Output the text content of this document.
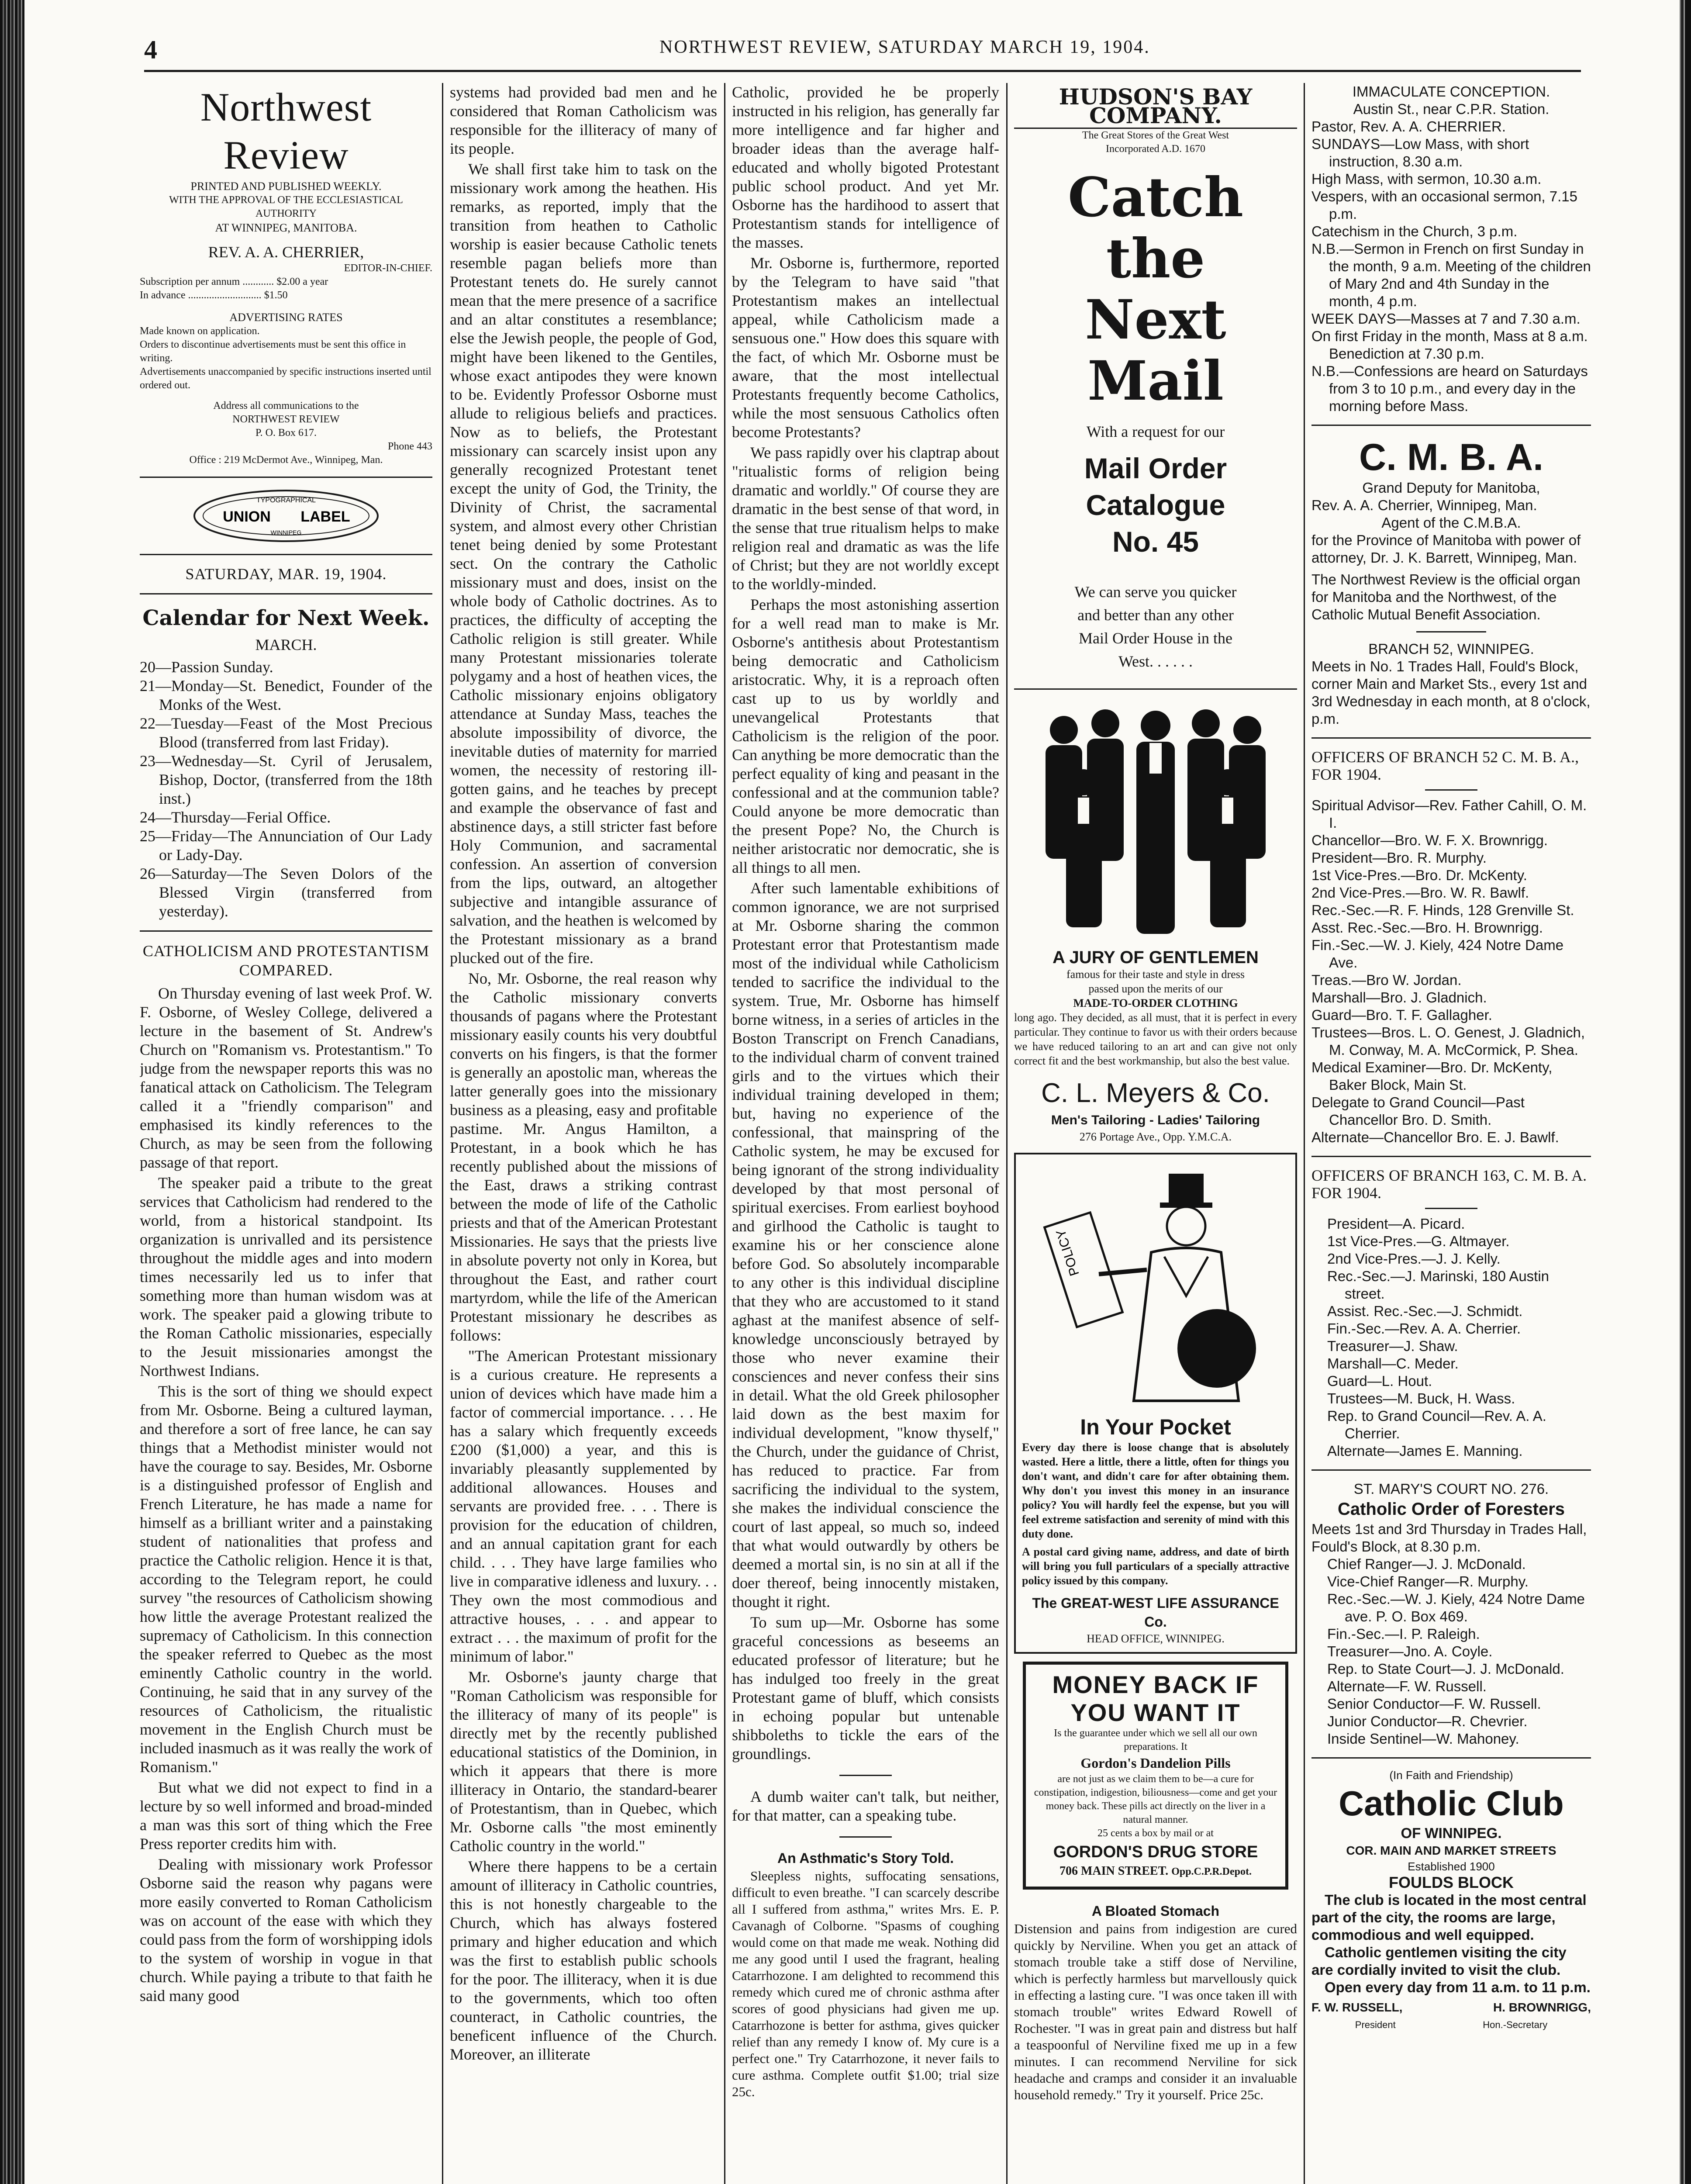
4	NORTHWEST REVIEW, SATURDAY MARCH 19, 1904.
Northwest Review
PRINTED AND PUBLISHED WEEKLY.
WITH THE APPROVAL OF THE ECCLESIASTICAL AUTHORITY
AT WINNIPEG, MANITOBA.
REV. A. A. CHERRIER,
EDITOR-IN-CHIEF.
Subscription per annum ............ $2.00 a year
In advance ............................ $1.50
ADVERTISING RATES
Made known on application.
Orders to discontinue advertisements must be sent this office in writing.
Advertisements unaccompanied by specific instructions inserted until ordered out.
Address all communications to the
NORTHWEST REVIEW
P. O. Box 617.
Phone 443
Office : 219 McDermot Ave., Winnipeg, Man.
TYPOGRAPHICAL
UNION LABEL
WINNIPEG
SATURDAY, MAR. 19, 1904.
Calendar for Next Week.
MARCH.
20—Passion Sunday.
21—Monday—St. Benedict, Founder of the Monks of the West.
22—Tuesday—Feast of the Most Precious Blood (transferred from last Friday).
23—Wednesday—St. Cyril of Jerusalem, Bishop, Doctor, (transferred from the 18th inst.)
24—Thursday—Ferial Office.
25—Friday—The Annunciation of Our Lady or Lady-Day.
26—Saturday—The Seven Dolors of the Blessed Virgin (transferred from yesterday).
CATHOLICISM AND PROTESTANTISM COMPARED.

On Thursday evening of last week Prof. W. F. Osborne, of Wesley College, delivered a lecture in the basement of St. Andrew's Church on "Romanism vs. Protestantism." To judge from the newspaper reports this was no fanatical attack on Catholicism. The Telegram called it a "friendly comparison" and emphasised its kindly references to the Church, as may be seen from the following passage of that report.

The speaker paid a tribute to the great services that Catholicism had rendered to the world, from a historical standpoint. Its organization is unrivalled and its persistence throughout the middle ages and into modern times necessarily led us to infer that something more than human wisdom was at work. The speaker paid a glowing tribute to the Roman Catholic missionaries, especially to the Jesuit missionaries amongst the Northwest Indians.

This is the sort of thing we should expect from Mr. Osborne. Being a cultured layman, and therefore a sort of free lance, he can say things that a Methodist minister would not have the courage to say. Besides, Mr. Osborne is a distinguished professor of English and French Literature, he has made a name for himself as a brilliant writer and a painstaking student of nationalities that profess and practice the Catholic religion. Hence it is that, according to the Telegram report, he could survey "the resources of Catholicism showing how little the average Protestant realized the supremacy of Catholicism. In this connection the speaker referred to Quebec as the most eminently Catholic country in the world. Continuing, he said that in any survey of the resources of Catholicism, the ritualistic movement in the English Church must be included inasmuch as it was really the work of Romanism."

But what we did not expect to find in a lecture by so well informed and broad-minded a man was this sort of thing which the Free Press reporter credits him with.

Dealing with missionary work Professor Osborne said the reason why pagans were more easily converted to Roman Catholicism was on account of the ease with which they could pass from the form of worshipping idols to the system of worship in vogue in that church. While paying a tribute to that faith he said many good

systems had provided bad men and he considered that Roman Catholicism was responsible for the illiteracy of many of its people.

We shall first take him to task on the missionary work among the heathen. His remarks, as reported, imply that the transition from heathen to Catholic worship is easier because Catholic tenets resemble pagan beliefs more than Protestant tenets do. He surely cannot mean that the mere presence of a sacrifice and an altar constitutes a resemblance; else the Jewish people, the people of God, might have been likened to the Gentiles, whose exact antipodes they were known to be. Evidently Professor Osborne must allude to religious beliefs and practices. Now as to beliefs, the Protestant missionary can scarcely insist upon any generally recognized Protestant tenet except the unity of God, the Trinity, the Divinity of Christ, the sacramental system, and almost every other Christian tenet being denied by some Protestant sect. On the contrary the Catholic missionary must and does, insist on the whole body of Catholic doctrines. As to practices, the difficulty of accepting the Catholic religion is still greater. While many Protestant missionaries tolerate polygamy and a host of heathen vices, the Catholic missionary enjoins obligatory attendance at Sunday Mass, teaches the absolute impossibility of divorce, the inevitable duties of maternity for married women, the necessity of restoring ill-gotten gains, and he teaches by precept and example the observance of fast and abstinence days, a still stricter fast before Holy Communion, and sacramental confession. An assertion of conversion from the lips, outward, an altogether subjective and intangible assurance of salvation, and the heathen is welcomed by the Protestant missionary as a brand plucked out of the fire.

No, Mr. Osborne, the real reason why the Catholic missionary converts thousands of pagans where the Protestant missionary easily counts his very doubtful converts on his fingers, is that the former is generally an apostolic man, whereas the latter generally goes into the missionary business as a pleasing, easy and profitable pastime. Mr. Angus Hamilton, a Protestant, in a book which he has recently published about the missions of the East, draws a striking contrast between the mode of life of the Catholic priests and that of the American Protestant Missionaries. He says that the priests live in absolute poverty not only in Korea, but throughout the East, and rather court martyrdom, while the life of the American Protestant missionary he describes as follows:

"The American Protestant missionary is a curious creature. He represents a union of devices which have made him a factor of commercial importance. . . . He has a salary which frequently exceeds £200 ($1,000) a year, and this is invariably pleasantly supplemented by additional allowances. Houses and servants are provided free. . . . There is provision for the education of children, and an annual capitation grant for each child. . . . They have large families who live in comparative idleness and luxury. . . They own the most commodious and attractive houses, . . . and appear to extract . . . the maximum of profit for the minimum of labor."

Mr. Osborne's jaunty charge that "Roman Catholicism was responsible for the illiteracy of many of its people" is directly met by the recently published educational statistics of the Dominion, in which it appears that there is more illiteracy in Ontario, the standard-bearer of Protestantism, than in Quebec, which Mr. Osborne calls "the most eminently Catholic country in the world."

Where there happens to be a certain amount of illiteracy in Catholic countries, this is not honestly chargeable to the Church, which has always fostered primary and higher education and which was the first to establish public schools for the poor. The illiteracy, when it is due to the governments, which too often counteract, in Catholic countries, the beneficent influence of the Church. Moreover, an illiterate

Catholic, provided he be properly instructed in his religion, has generally far more intelligence and far higher and broader ideas than the average half-educated and wholly bigoted Protestant public school product. And yet Mr. Osborne has the hardihood to assert that Protestantism stands for intelligence of the masses.

Mr. Osborne is, furthermore, reported by the Telegram to have said "that Protestantism makes an intellectual appeal, while Catholicism made a sensuous one." How does this square with the fact, of which Mr. Osborne must be aware, that the most intellectual Protestants frequently become Catholics, while the most sensuous Catholics often become Protestants?

We pass rapidly over his claptrap about "ritualistic forms of religion being dramatic and worldly." Of course they are dramatic in the best sense of that word, in the sense that true ritualism helps to make religion real and dramatic as was the life of Christ; but they are not worldly except to the worldly-minded.

Perhaps the most astonishing assertion for a well read man to make is Mr. Osborne's antithesis about Protestantism being democratic and Catholicism aristocratic. Why, it is a reproach often cast up to us by worldly and unevangelical Protestants that Catholicism is the religion of the poor. Can anything be more democratic than the perfect equality of king and peasant in the confessional and at the communion table? Could anyone be more democratic than the present Pope? No, the Church is neither aristocratic nor democratic, she is all things to all men.

After such lamentable exhibitions of common ignorance, we are not surprised at Mr. Osborne sharing the common Protestant error that Protestantism made most of the individual while Catholicism tended to sacrifice the individual to the system. True, Mr. Osborne has himself borne witness, in a series of articles in the Boston Transcript on French Canadians, to the individual charm of convent trained girls and to the virtues which their individual training developed in them; but, having no experience of the confessional, that mainspring of the Catholic system, he may be excused for being ignorant of the strong individuality developed by that most personal of spiritual exercises. From earliest boyhood and girlhood the Catholic is taught to examine his or her conscience alone before God. So absolutely incomparable to any other is this individual discipline that they who are accustomed to it stand aghast at the manifest absence of self-knowledge unconsciously betrayed by those who never examine their consciences and never confess their sins in detail. What the old Greek philosopher laid down as the best maxim for individual development, "know thyself," the Church, under the guidance of Christ, has reduced to practice. Far from sacrificing the individual to the system, she makes the individual conscience the court of last appeal, so much so, indeed that what would outwardly by others be deemed a mortal sin, is no sin at all if the doer thereof, being innocently mistaken, thought it right.

To sum up—Mr. Osborne has some graceful concessions as beseems an educated professor of literature; but he has indulged too freely in the great Protestant game of bluff, which consists in echoing popular but untenable shibboleths to tickle the ears of the groundlings.

A dumb waiter can't talk, but neither, for that matter, can a speaking tube.

An Asthmatic's Story Told.

Sleepless nights, suffocating sensations, difficult to even breathe. "I can scarcely describe all I suffered from asthma," writes Mrs. E. P. Cavanagh of Colborne. "Spasms of coughing would come on that made me weak. Nothing did me any good until I used the fragrant, healing Catarrhozone. I am delighted to recommend this remedy which cured me of chronic asthma after scores of good physicians had given me up. Catarrhozone is better for asthma, gives quicker relief than any remedy I know of. My cure is a perfect one." Try Catarrhozone, it never fails to cure asthma. Complete outfit $1.00; trial size 25c.

HUDSON'S BAY COMPANY.
The Great Stores of the Great West
Incorporated A.D. 1670
Catch the
Next Mail
With a request for our
Mail Order Catalogue
No. 45
We can serve you quicker
and better than any other
Mail Order House in the
West. . . . . .
A JURY OF GENTLEMEN
famous for their taste and style in dress
passed upon the merits of our
MADE-TO-ORDER CLOTHING
long ago. They decided, as all must, that it is perfect in every particular. They continue to favor us with their orders because we have reduced tailoring to an art and can give not only correct fit and the best workmanship, but also the best value.
C. L. Meyers & Co.
Men's Tailoring - Ladies' Tailoring
276 Portage Ave., Opp. Y.M.C.A.
POLICY
In Your Pocket
Every day there is loose change that is absolutely wasted. Here a little, there a little, often for things you don't want, and didn't care for after obtaining them. Why don't you invest this money in an insurance policy? You will hardly feel the expense, but you will feel extreme satisfaction and serenity of mind with this duty done.
A postal card giving name, address, and date of birth will bring you full particulars of a specially attractive policy issued by this company.
The GREAT-WEST LIFE ASSURANCE Co.
HEAD OFFICE, WINNIPEG.
MONEY BACK IF
YOU WANT IT
Is the guarantee under which we sell all our own preparations. It
Gordon's Dandelion Pills
are not just as we claim them to be—a cure for constipation, indigestion, biliousness—come and get your money back. These pills act directly on the liver in a natural manner.
25 cents a box by mail or at
GORDON'S DRUG STORE
706 MAIN STREET. Opp.C.P.R.Depot.
A Bloated Stomach
Distension and pains from indigestion are cured quickly by Nerviline. When you get an attack of stomach trouble take a stiff dose of Nerviline, which is perfectly harmless but marvellously quick in effecting a lasting cure. "I was once taken ill with stomach trouble" writes Edward Rowell of Rochester. "I was in great pain and distress but half a teaspoonful of Nerviline fixed me up in a few minutes. I can recommend Nerviline for sick headache and cramps and consider it an invaluable household remedy." Try it yourself. Price 25c.
IMMACULATE CONCEPTION.
Austin St., near C.P.R. Station.
Pastor, Rev. A. A. CHERRIER.
SUNDAYS—Low Mass, with short instruction, 8.30 a.m.
High Mass, with sermon, 10.30 a.m.
Vespers, with an occasional sermon, 7.15 p.m.
Catechism in the Church, 3 p.m.
N.B.—Sermon in French on first Sunday in the month, 9 a.m. Meeting of the children of Mary 2nd and 4th Sunday in the month, 4 p.m.
WEEK DAYS—Masses at 7 and 7.30 a.m.
On first Friday in the month, Mass at 8 a.m. Benediction at 7.30 p.m.
N.B.—Confessions are heard on Saturdays from 3 to 10 p.m., and every day in the morning before Mass.
C. M. B. A.
Grand Deputy for Manitoba,
Rev. A. A. Cherrier, Winnipeg, Man.
Agent of the C.M.B.A.
for the Province of Manitoba with power of attorney, Dr. J. K. Barrett, Winnipeg, Man.
The Northwest Review is the official organ for Manitoba and the Northwest, of the Catholic Mutual Benefit Association.
BRANCH 52, WINNIPEG.
Meets in No. 1 Trades Hall, Fould's Block, corner Main and Market Sts., every 1st and 3rd Wednesday in each month, at 8 o'clock, p.m.
OFFICERS OF BRANCH 52 C. M. B. A., FOR 1904.
Spiritual Advisor—Rev. Father Cahill, O. M. I.
Chancellor—Bro. W. F. X. Brownrigg.
President—Bro. R. Murphy.
1st Vice-Pres.—Bro. Dr. McKenty.
2nd Vice-Pres.—Bro. W. R. Bawlf.
Rec.-Sec.—R. F. Hinds, 128 Grenville St.
Asst. Rec.-Sec.—Bro. H. Brownrigg.
Fin.-Sec.—W. J. Kiely, 424 Notre Dame Ave.
Treas.—Bro W. Jordan.
Marshall—Bro. J. Gladnich.
Guard—Bro. T. F. Gallagher.
Trustees—Bros. L. O. Genest, J. Gladnich, M. Conway, M. A. McCormick, P. Shea.
Medical Examiner—Bro. Dr. McKenty, Baker Block, Main St.
Delegate to Grand Council—Past Chancellor Bro. D. Smith.
Alternate—Chancellor Bro. E. J. Bawlf.
OFFICERS OF BRANCH 163, C. M. B. A. FOR 1904.
President—A. Picard.
1st Vice-Pres.—G. Altmayer.
2nd Vice-Pres.—J. J. Kelly.
Rec.-Sec.—J. Marinski, 180 Austin street.
Assist. Rec.-Sec.—J. Schmidt.
Fin.-Sec.—Rev. A. A. Cherrier.
Treasurer—J. Shaw.
Marshall—C. Meder.
Guard—L. Hout.
Trustees—M. Buck, H. Wass.
Rep. to Grand Council—Rev. A. A. Cherrier.
Alternate—James E. Manning.
ST. MARY'S COURT NO. 276.
Catholic Order of Foresters
Meets 1st and 3rd Thursday in Trades Hall, Fould's Block, at 8.30 p.m.
Chief Ranger—J. J. McDonald.
Vice-Chief Ranger—R. Murphy.
Rec.-Sec.—W. J. Kiely, 424 Notre Dame ave. P. O. Box 469.
Fin.-Sec.—I. P. Raleigh.
Treasurer—Jno. A. Coyle.
Rep. to State Court—J. J. McDonald.
Alternate—F. W. Russell.
Senior Conductor—F. W. Russell.
Junior Conductor—R. Chevrier.
Inside Sentinel—W. Mahoney.
(In Faith and Friendship)
Catholic Club
OF WINNIPEG.
COR. MAIN AND MARKET STREETS
Established 1900
FOULDS BLOCK
The club is located in the most central part of the city, the rooms are large, commodious and well equipped.
Catholic gentlemen visiting the city are cordially invited to visit the club.
Open every day from 11 a.m. to 11 p.m.
F. W. RUSSELL,	H. BROWNRIGG,
President	Hon.-Secretary
